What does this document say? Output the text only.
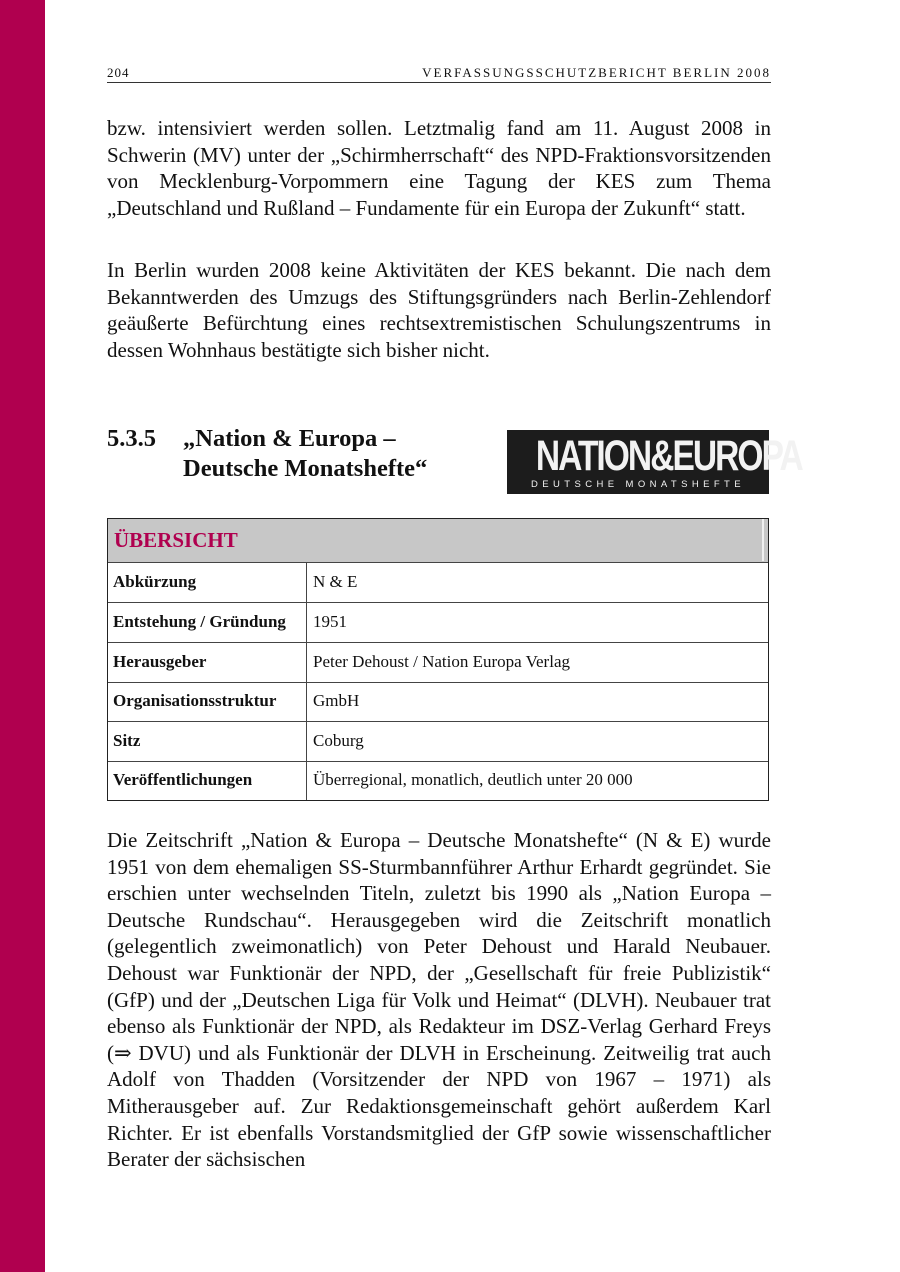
204	VERFASSUNGSSCHUTZBERICHT BERLIN 2008

bzw. intensiviert werden sollen. Letztmalig fand am 11. August 2008 in Schwerin (MV) unter der „Schirmherrschaft“ des NPD-Fraktionsvorsitzenden von Mecklenburg-Vorpommern eine Tagung der KES zum Thema „Deutschland und Rußland – Fundamente für ein Europa der Zukunft“ statt.

In Berlin wurden 2008 keine Aktivitäten der KES bekannt. Die nach dem Bekanntwerden des Umzugs des Stiftungsgründers nach Berlin-Zehlendorf geäußerte Befürchtung eines rechtsextremistischen Schulungszentrums in dessen Wohnhaus bestätigte sich bisher nicht.

5.3.5 „Nation & Europa – Deutsche Monatshefte“	NATION&EUROPA
DEUTSCHE MONATSHEFTE
ÜBERSICHT
Abkürzung	N & E
Entstehung / Gründung 1951
Herausgeber	Peter Dehoust / Nation Europa Verlag
Organisationsstruktur GmbH
Sitz	Coburg
Veröffentlichungen	Überregional, monatlich, deutlich unter 20 000

Die Zeitschrift „Nation & Europa – Deutsche Monatshefte“ (N & E) wurde 1951 von dem ehemaligen SS-Sturmbannführer Arthur Erhardt gegründet. Sie erschien unter wechselnden Titeln, zuletzt bis 1990 als „Nation Europa – Deutsche Rundschau“. Herausgegeben wird die Zeitschrift monatlich (gelegentlich zweimonatlich) von Peter Dehoust und Harald Neubauer. Dehoust war Funktionär der NPD, der „Gesellschaft für freie Publizistik“ (GfP) und der „Deutschen Liga für Volk und Heimat“ (DLVH). Neubauer trat ebenso als Funktionär der NPD, als Redakteur im DSZ-Verlag Gerhard Freys (⇒ DVU) und als Funktionär der DLVH in Erscheinung. Zeitweilig trat auch Adolf von Thadden (Vorsitzender der NPD von 1967 – 1971) als Mitherausgeber auf. Zur Redaktionsgemeinschaft gehört außerdem Karl Richter. Er ist ebenfalls Vorstandsmitglied der GfP sowie wissenschaftlicher Berater der sächsischen
